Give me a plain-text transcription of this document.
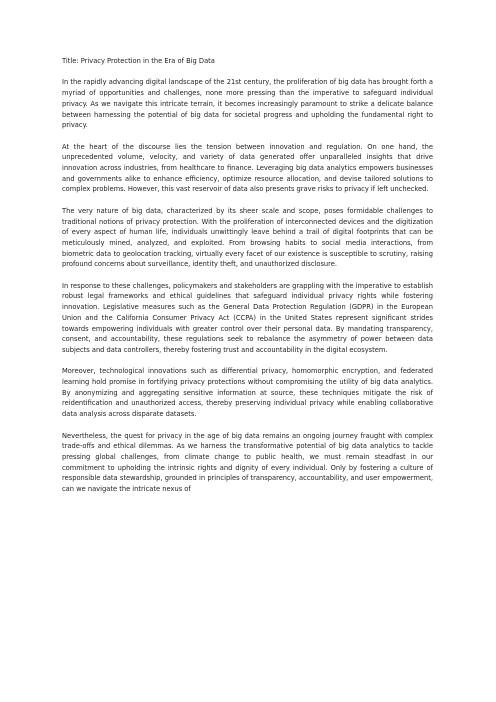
Title: Privacy Protection in the Era of Big Data

In the rapidly advancing digital landscape of the 21st century, the proliferation of big data has brought forth a myriad of opportunities and challenges, none more pressing than the imperative to safeguard individual privacy. As we navigate this intricate terrain, it becomes increasingly paramount to strike a delicate balance between harnessing the potential of big data for societal progress and upholding the fundamental right to privacy.

At the heart of the discourse lies the tension between innovation and regulation. On one hand, the unprecedented volume, velocity, and variety of data generated offer unparalleled insights that drive innovation across industries, from healthcare to finance. Leveraging big data analytics empowers businesses and governments alike to enhance efficiency, optimize resource allocation, and devise tailored solutions to complex problems. However, this vast reservoir of data also presents grave risks to privacy if left unchecked.

The very nature of big data, characterized by its sheer scale and scope, poses formidable challenges to traditional notions of privacy protection. With the proliferation of interconnected devices and the digitization of every aspect of human life, individuals unwittingly leave behind a trail of digital footprints that can be meticulously mined, analyzed, and exploited. From browsing habits to social media interactions, from biometric data to geolocation tracking, virtually every facet of our existence is susceptible to scrutiny, raising profound concerns about surveillance, identity theft, and unauthorized disclosure.

In response to these challenges, policymakers and stakeholders are grappling with the imperative to establish robust legal frameworks and ethical guidelines that safeguard individual privacy rights while fostering innovation. Legislative measures such as the General Data Protection Regulation (GDPR) in the European Union and the California Consumer Privacy Act (CCPA) in the United States represent significant strides towards empowering individuals with greater control over their personal data. By mandating transparency, consent, and accountability, these regulations seek to rebalance the asymmetry of power between data subjects and data controllers, thereby fostering trust and accountability in the digital ecosystem.

Moreover, technological innovations such as differential privacy, homomorphic encryption, and federated learning hold promise in fortifying privacy protections without compromising the utility of big data analytics. By anonymizing and aggregating sensitive information at source, these techniques mitigate the risk of reidentification and unauthorized access, thereby preserving individual privacy while enabling collaborative data analysis across disparate datasets.

Nevertheless, the quest for privacy in the age of big data remains an ongoing journey fraught with complex trade-offs and ethical dilemmas. As we harness the transformative potential of big data analytics to tackle pressing global challenges, from climate change to public health, we must remain steadfast in our commitment to upholding the intrinsic rights and dignity of every individual. Only by fostering a culture of responsible data stewardship, grounded in principles of transparency, accountability, and user empowerment, can we navigate the intricate nexus of
